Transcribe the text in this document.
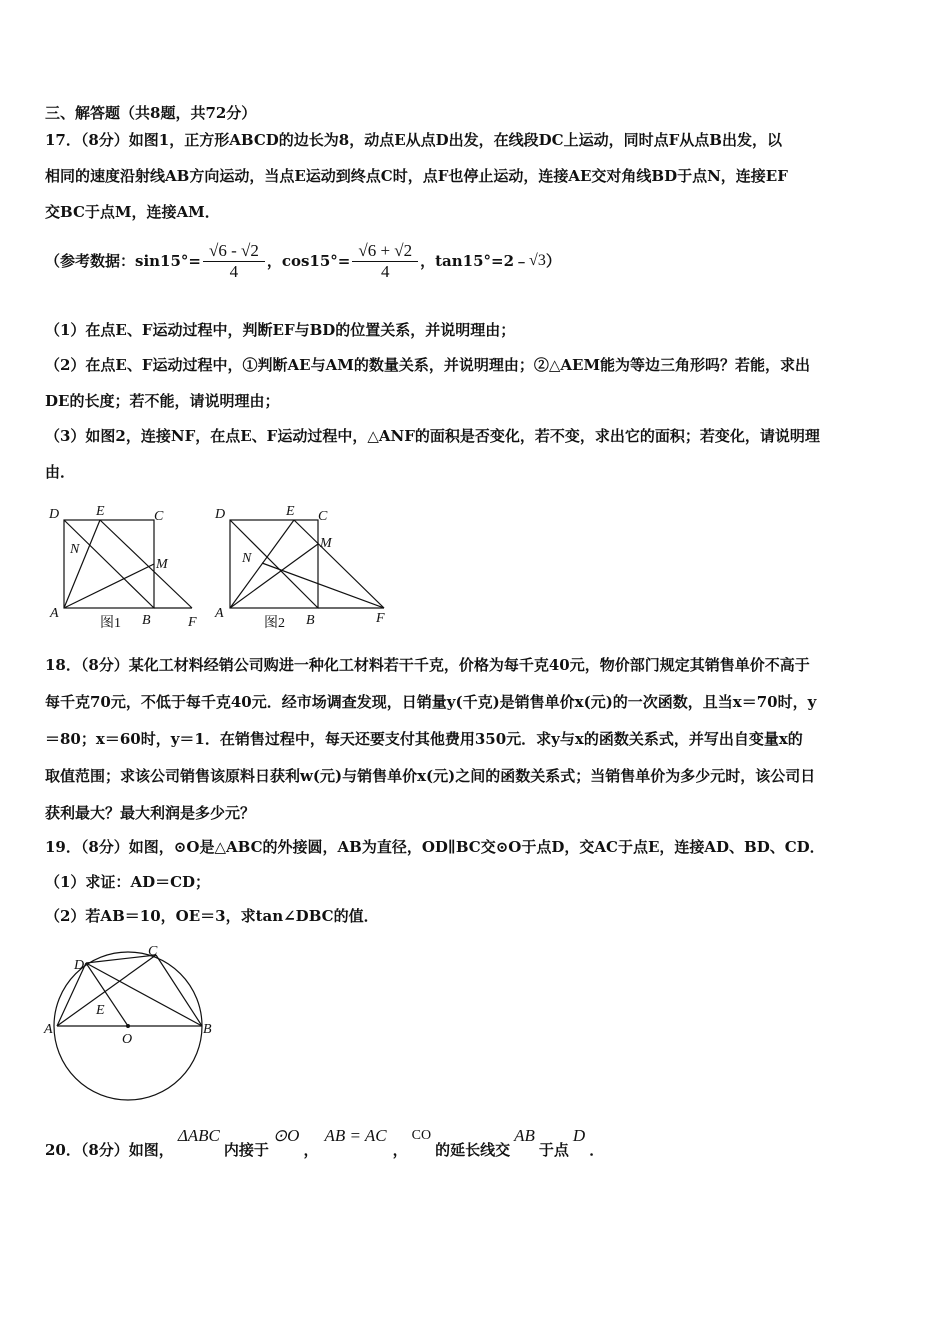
三、解答题（共8题，共72分）
17．（8分）如图1，正方形ABCD的边长为8，动点E从点D出发，在线段DC上运动，同时点F从点B出发，以
相同的速度沿射线AB方向运动，当点E运动到终点C时，点F也停止运动，连接AE交对角线BD于点N，连接EF
交BC于点M，连接AM．
（参考数据：$\sin 15^\circ= \frac{√6 - √2}{4}$ ，$\cos 15^\circ= \frac{√6 + √2}{4}$ ，tan15°=2﹣ √3 ）
（1）在点E、F运动过程中，判断EF与BD的位置关系，并说明理由；
（2）在点E、F运动过程中，①判断AE与AM的数量关系，并说明理由；②△AEM能为等边三角形吗？若能，求出
DE的长度；若不能，请说明理由；
（3）如图2，连接NF，在点E、F运动过程中，△ANF的面积是否变化，若不变，求出它的面积；若变化，请说明理
由．
D	E	C
N
M
A	B	F
图1
D	E C
N
M
A	B	F
图2
18．（8分）某化工材料经销公司购进一种化工材料若干千克，价格为每千克40元，物价部门规定其销售单价不高于
每千克70元，不低于每千克40元．经市场调查发现，日销量y(千克)是销售单价x(元)的一次函数，且当x＝70时，y
＝80；x＝60时，y＝1．在销售过程中，每天还要支付其他费用350元．求y与x的函数关系式，并写出自变量x的
取值范围；求该公司销售该原料日获利w(元)与销售单价x(元)之间的函数关系式；当销售单价为多少元时，该公司日
获利最大？最大利润是多少元？
19．（8分）如图，⊙O是△ABC的外接圆，AB为直径，OD∥BC交⊙O于点D，交AC于点E，连接AD、BD、CD．
（1）求证：AD＝CD；
（2）若AB＝10，OE＝3，求tan∠DBC的值．
C
D
E
A
O
B
20．（8分）如图，
ΔABC
内接于
⊙O
，
AB = AC
，
CO
的延长线交
AB
于点
D
．
